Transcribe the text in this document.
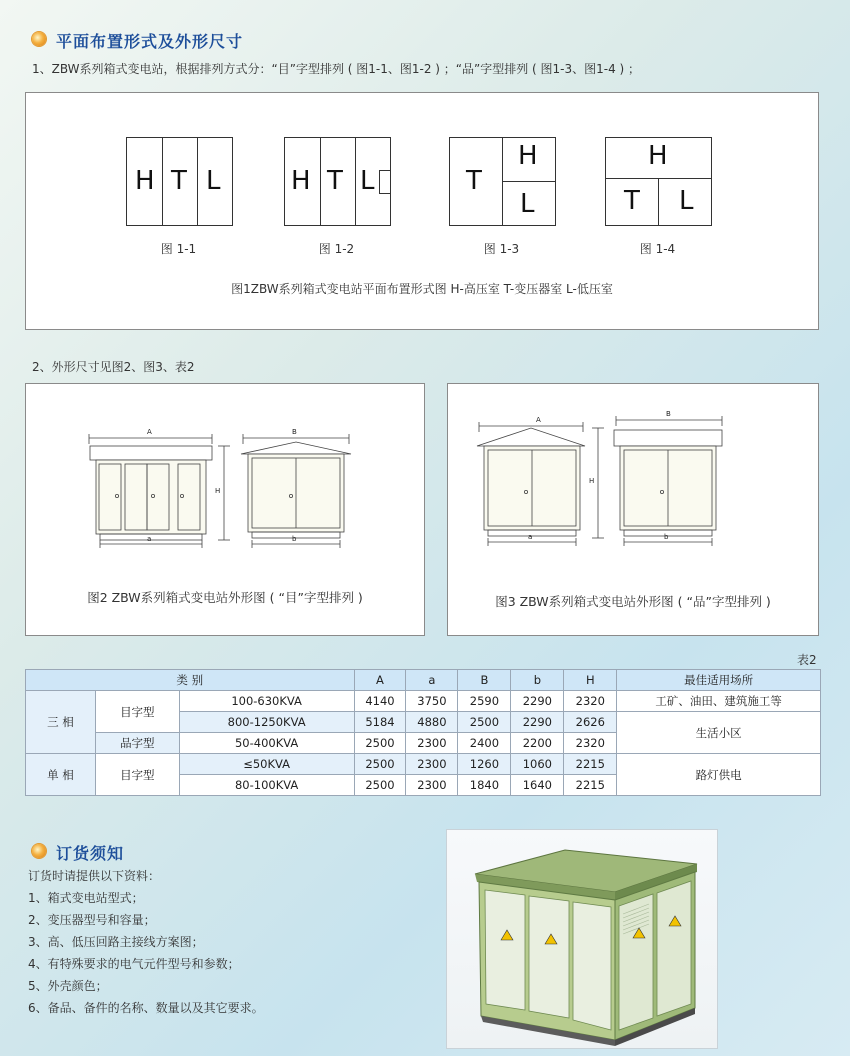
平面布置形式及外形尺寸
1、ZBW系列箱式变电站，根据排列方式分：“目”字型排列 ( 图1-1、图1-2 ) ；“品”字型排列 ( 图1-3、图1-4 ) ；
H T L
图 1-1
H T L
图 1-2
T
H
L
图 1-3
H
T L
图 1-4
图1ZBW系列箱式变电站平面布置形式图 H-高压室 T-变压器室 L-低压室
2、外形尺寸见图2、图3、表2
A
a
H
B
b
图2 ZBW系列箱式变电站外形图 ( “目”字型排列 )
A
a
H
B
b
图3 ZBW系列箱式变电站外形图 ( “品”字型排列 )
表2
类 别			A	a	B	b	H	最佳适用场所
三 相	目字型	100-630KVA	4140	3750	2590	2290	2320	工矿、油田、建筑施工等
		800-1250KVA	5184	4880	2500	2290	2626	生活小区
	品字型	50-400KVA	2500	2300	2400	2200	2320	
单 相	目字型	≤50KVA	2500	2300	1260	1060	2215	路灯供电
		80-100KVA	2500	2300	1840	1640	2215	
订货须知
订货时请提供以下资料：
1、箱式变电站型式；
2、变压器型号和容量；
3、高、低压回路主接线方案图；
4、有特殊要求的电气元件型号和参数；
5、外壳颜色；
6、备品、备件的名称、数量以及其它要求。
